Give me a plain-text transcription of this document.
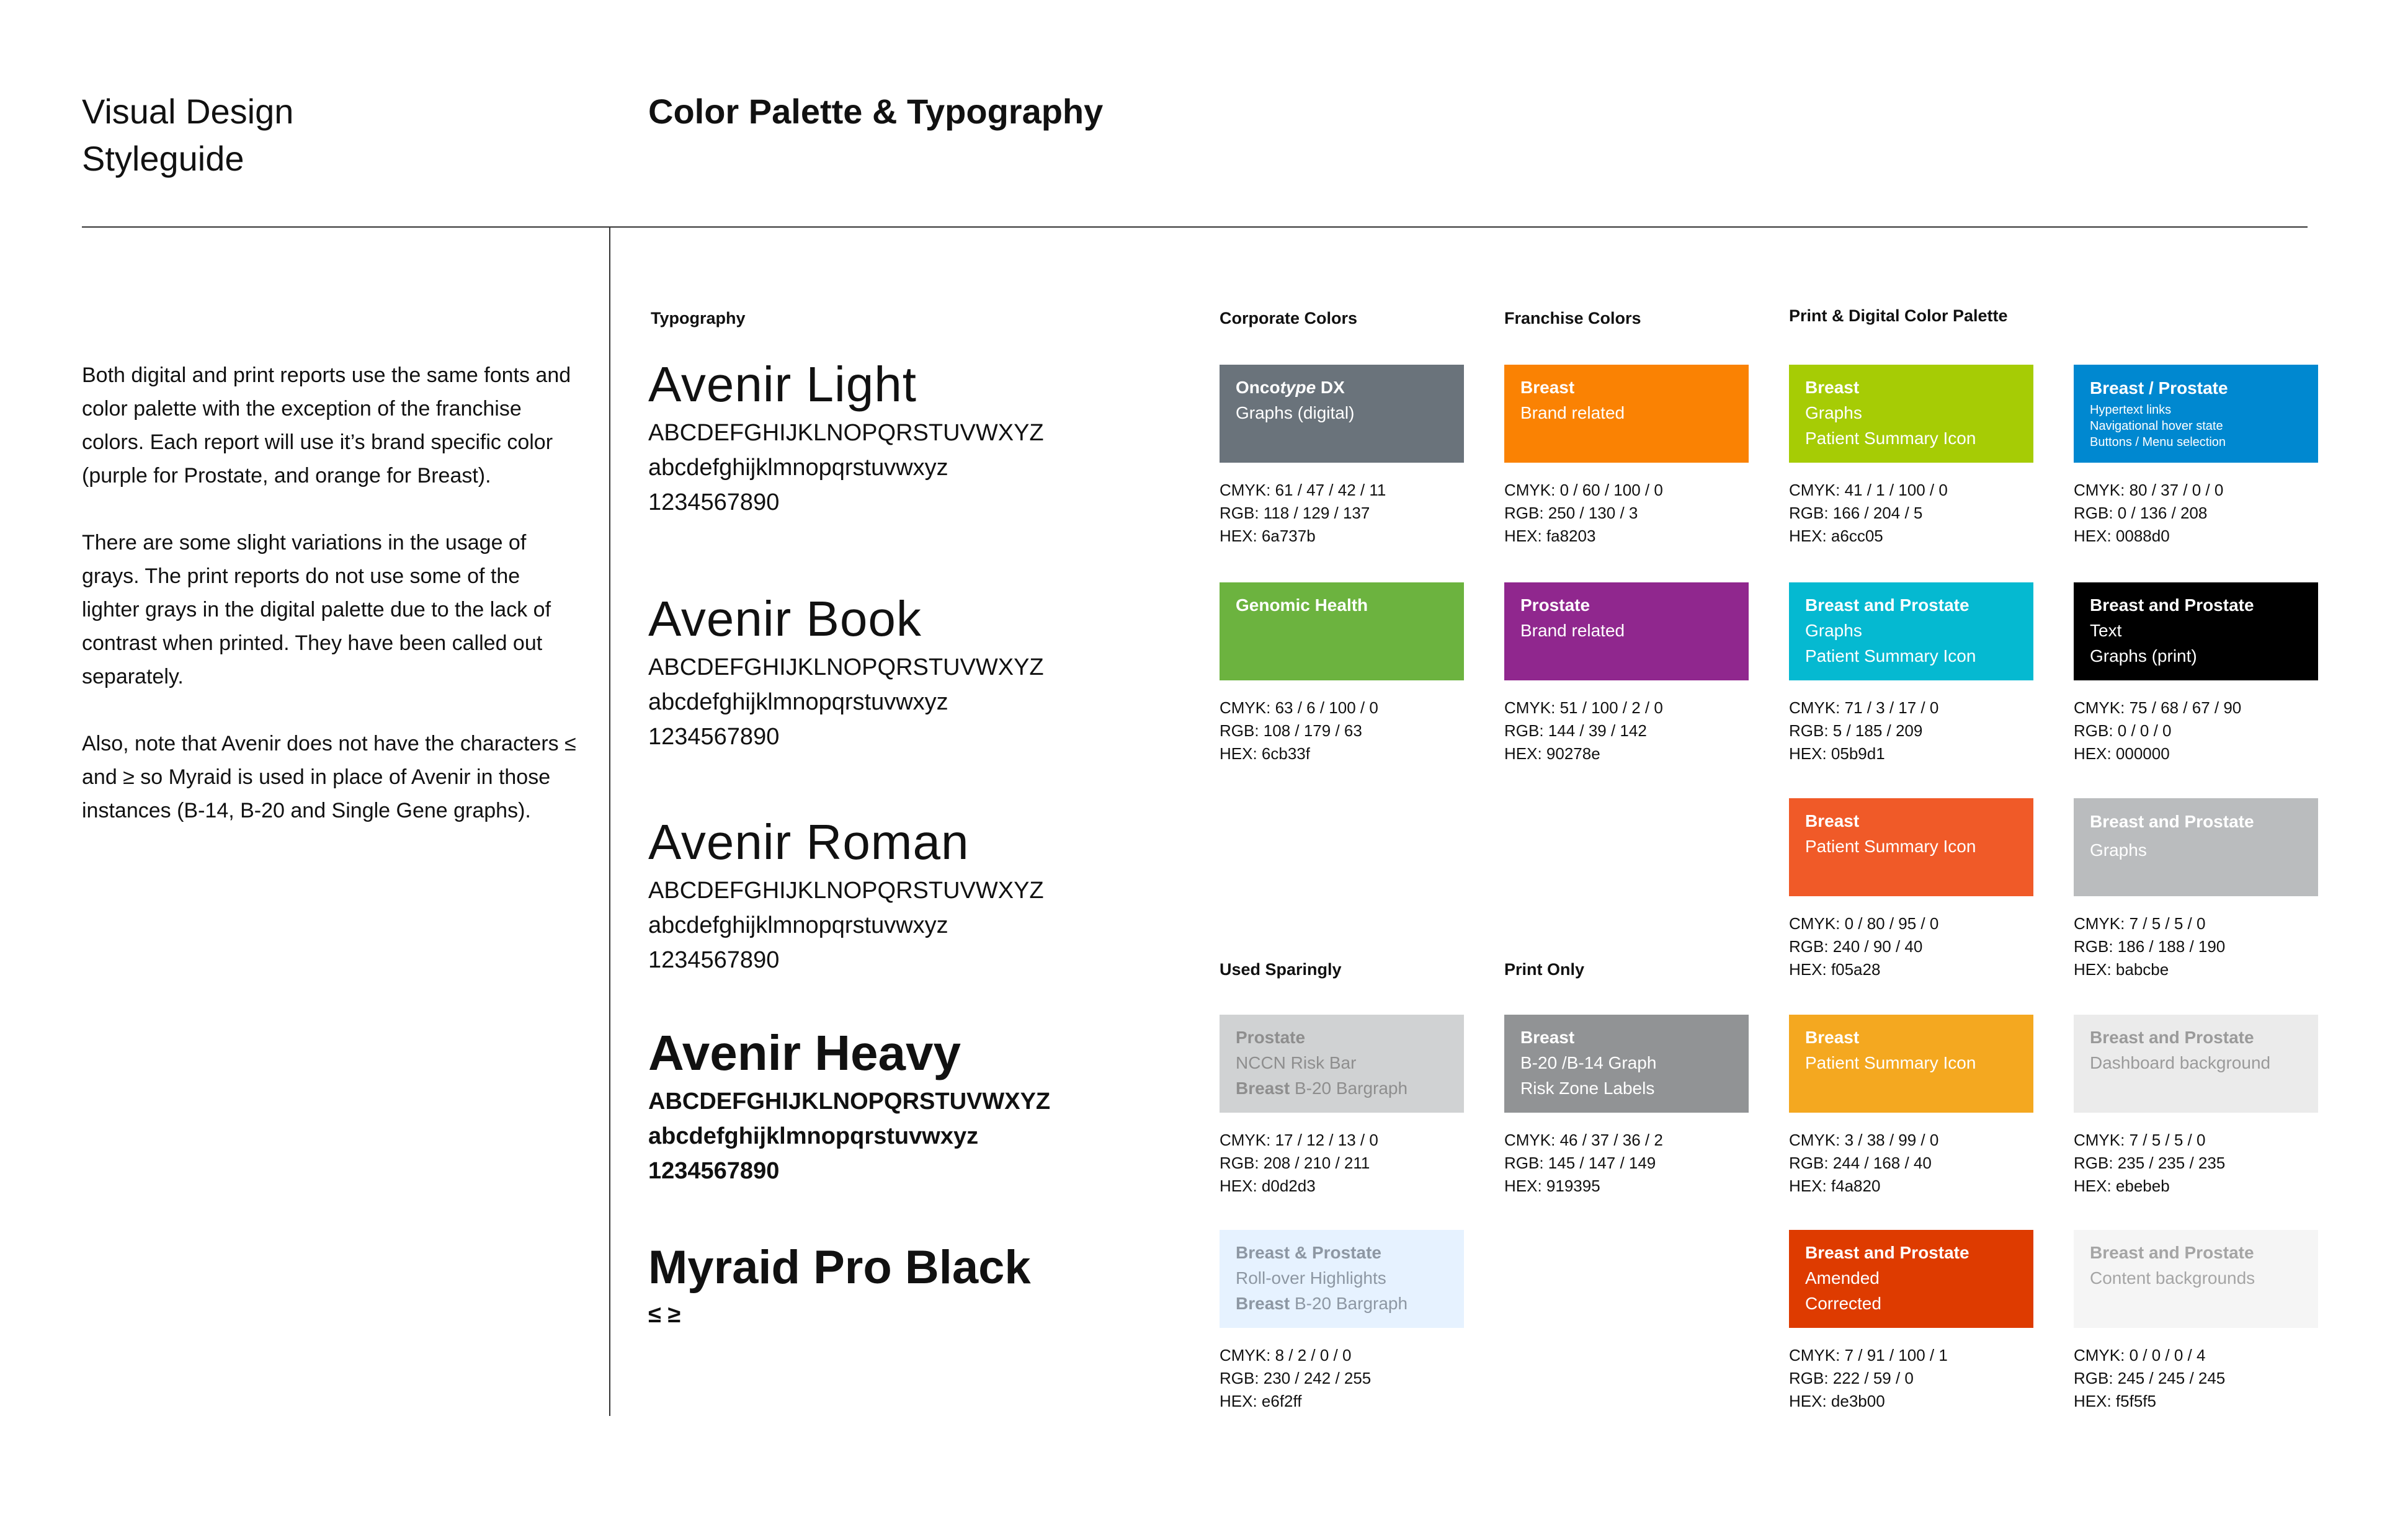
Visual Design
Styleguide
Color Palette & Typography

Both digital and print reports use the same fonts and color palette with the exception of the franchise colors. Each report will use it’s brand specific color (purple for Prostate, and orange for Breast).

There are some slight variations in the usage of grays. The print reports do not use some of the lighter grays in the digital palette due to the lack of contrast when printed. They have been called out separately.

Also, note that Avenir does not have the characters ≤ and ≥ so Myraid is used in place of Avenir in those instances (B-14, B-20 and Single Gene graphs).

Typography
Avenir Light
ABCDEFGHIJKLNOPQRSTUVWXYZ
abcdefghijklmnopqrstuvwxyz
1234567890
Avenir Book
ABCDEFGHIJKLNOPQRSTUVWXYZ
abcdefghijklmnopqrstuvwxyz
1234567890
Avenir Roman
ABCDEFGHIJKLNOPQRSTUVWXYZ
abcdefghijklmnopqrstuvwxyz
1234567890
Avenir Heavy
ABCDEFGHIJKLNOPQRSTUVWXYZ
abcdefghijklmnopqrstuvwxyz
1234567890
Myraid Pro Black
≤ ≥
Corporate Colors	Franchise Colors	Print & Digital Color Palette
Used Sparingly	Print Only
Oncotype DX
Graphs (digital)
CMYK: 61 / 47 / 42 / 11
RGB: 118 / 129 / 137
HEX: 6a737b
Genomic Health
CMYK: 63 / 6 / 100 / 0
RGB: 108 / 179 / 63
HEX: 6cb33f
Prostate
NCCN Risk Bar
Breast B-20 Bargraph
CMYK: 17 / 12 / 13 / 0
RGB: 208 / 210 / 211
HEX: d0d2d3
Breast & Prostate
Roll-over Highlights
Breast B-20 Bargraph
CMYK: 8 / 2 / 0 / 0
RGB: 230 / 242 / 255
HEX: e6f2ff
Breast
Brand related
CMYK: 0 / 60 / 100 / 0
RGB: 250 / 130 / 3
HEX: fa8203
Prostate
Brand related
CMYK: 51 / 100 / 2 / 0
RGB: 144 / 39 / 142
HEX: 90278e
Breast
B-20 /B-14 Graph
Risk Zone Labels
CMYK: 46 / 37 / 36 / 2
RGB: 145 / 147 / 149
HEX: 919395
Breast
Graphs
Patient Summary Icon
CMYK: 41 / 1 / 100 / 0
RGB: 166 / 204 / 5
HEX: a6cc05
Breast and Prostate
Graphs
Patient Summary Icon
CMYK: 71 / 3 / 17 / 0
RGB: 5 / 185 / 209
HEX: 05b9d1
Breast
Patient Summary Icon
CMYK: 0 / 80 / 95 / 0
RGB: 240 / 90 / 40
HEX: f05a28
Breast
Patient Summary Icon
CMYK: 3 / 38 / 99 / 0
RGB: 244 / 168 / 40
HEX: f4a820
Breast and Prostate
Amended
Corrected
CMYK: 7 / 91 / 100 / 1
RGB: 222 / 59 / 0
HEX: de3b00
Breast / Prostate
Hypertext links
Navigational hover state
Buttons / Menu selection
CMYK: 80 / 37 / 0 / 0
RGB: 0 / 136 / 208
HEX: 0088d0
Breast and Prostate
Text
Graphs (print)
CMYK: 75 / 68 / 67 / 90
RGB: 0 / 0 / 0
HEX: 000000
Breast and Prostate
Graphs
CMYK: 7 / 5 / 5 / 0
RGB: 186 / 188 / 190
HEX: babcbe
Breast and Prostate
Dashboard background
CMYK: 7 / 5 / 5 / 0
RGB: 235 / 235 / 235
HEX: ebebeb
Breast and Prostate
Content backgrounds
CMYK: 0 / 0 / 0 / 4
RGB: 245 / 245 / 245
HEX: f5f5f5
